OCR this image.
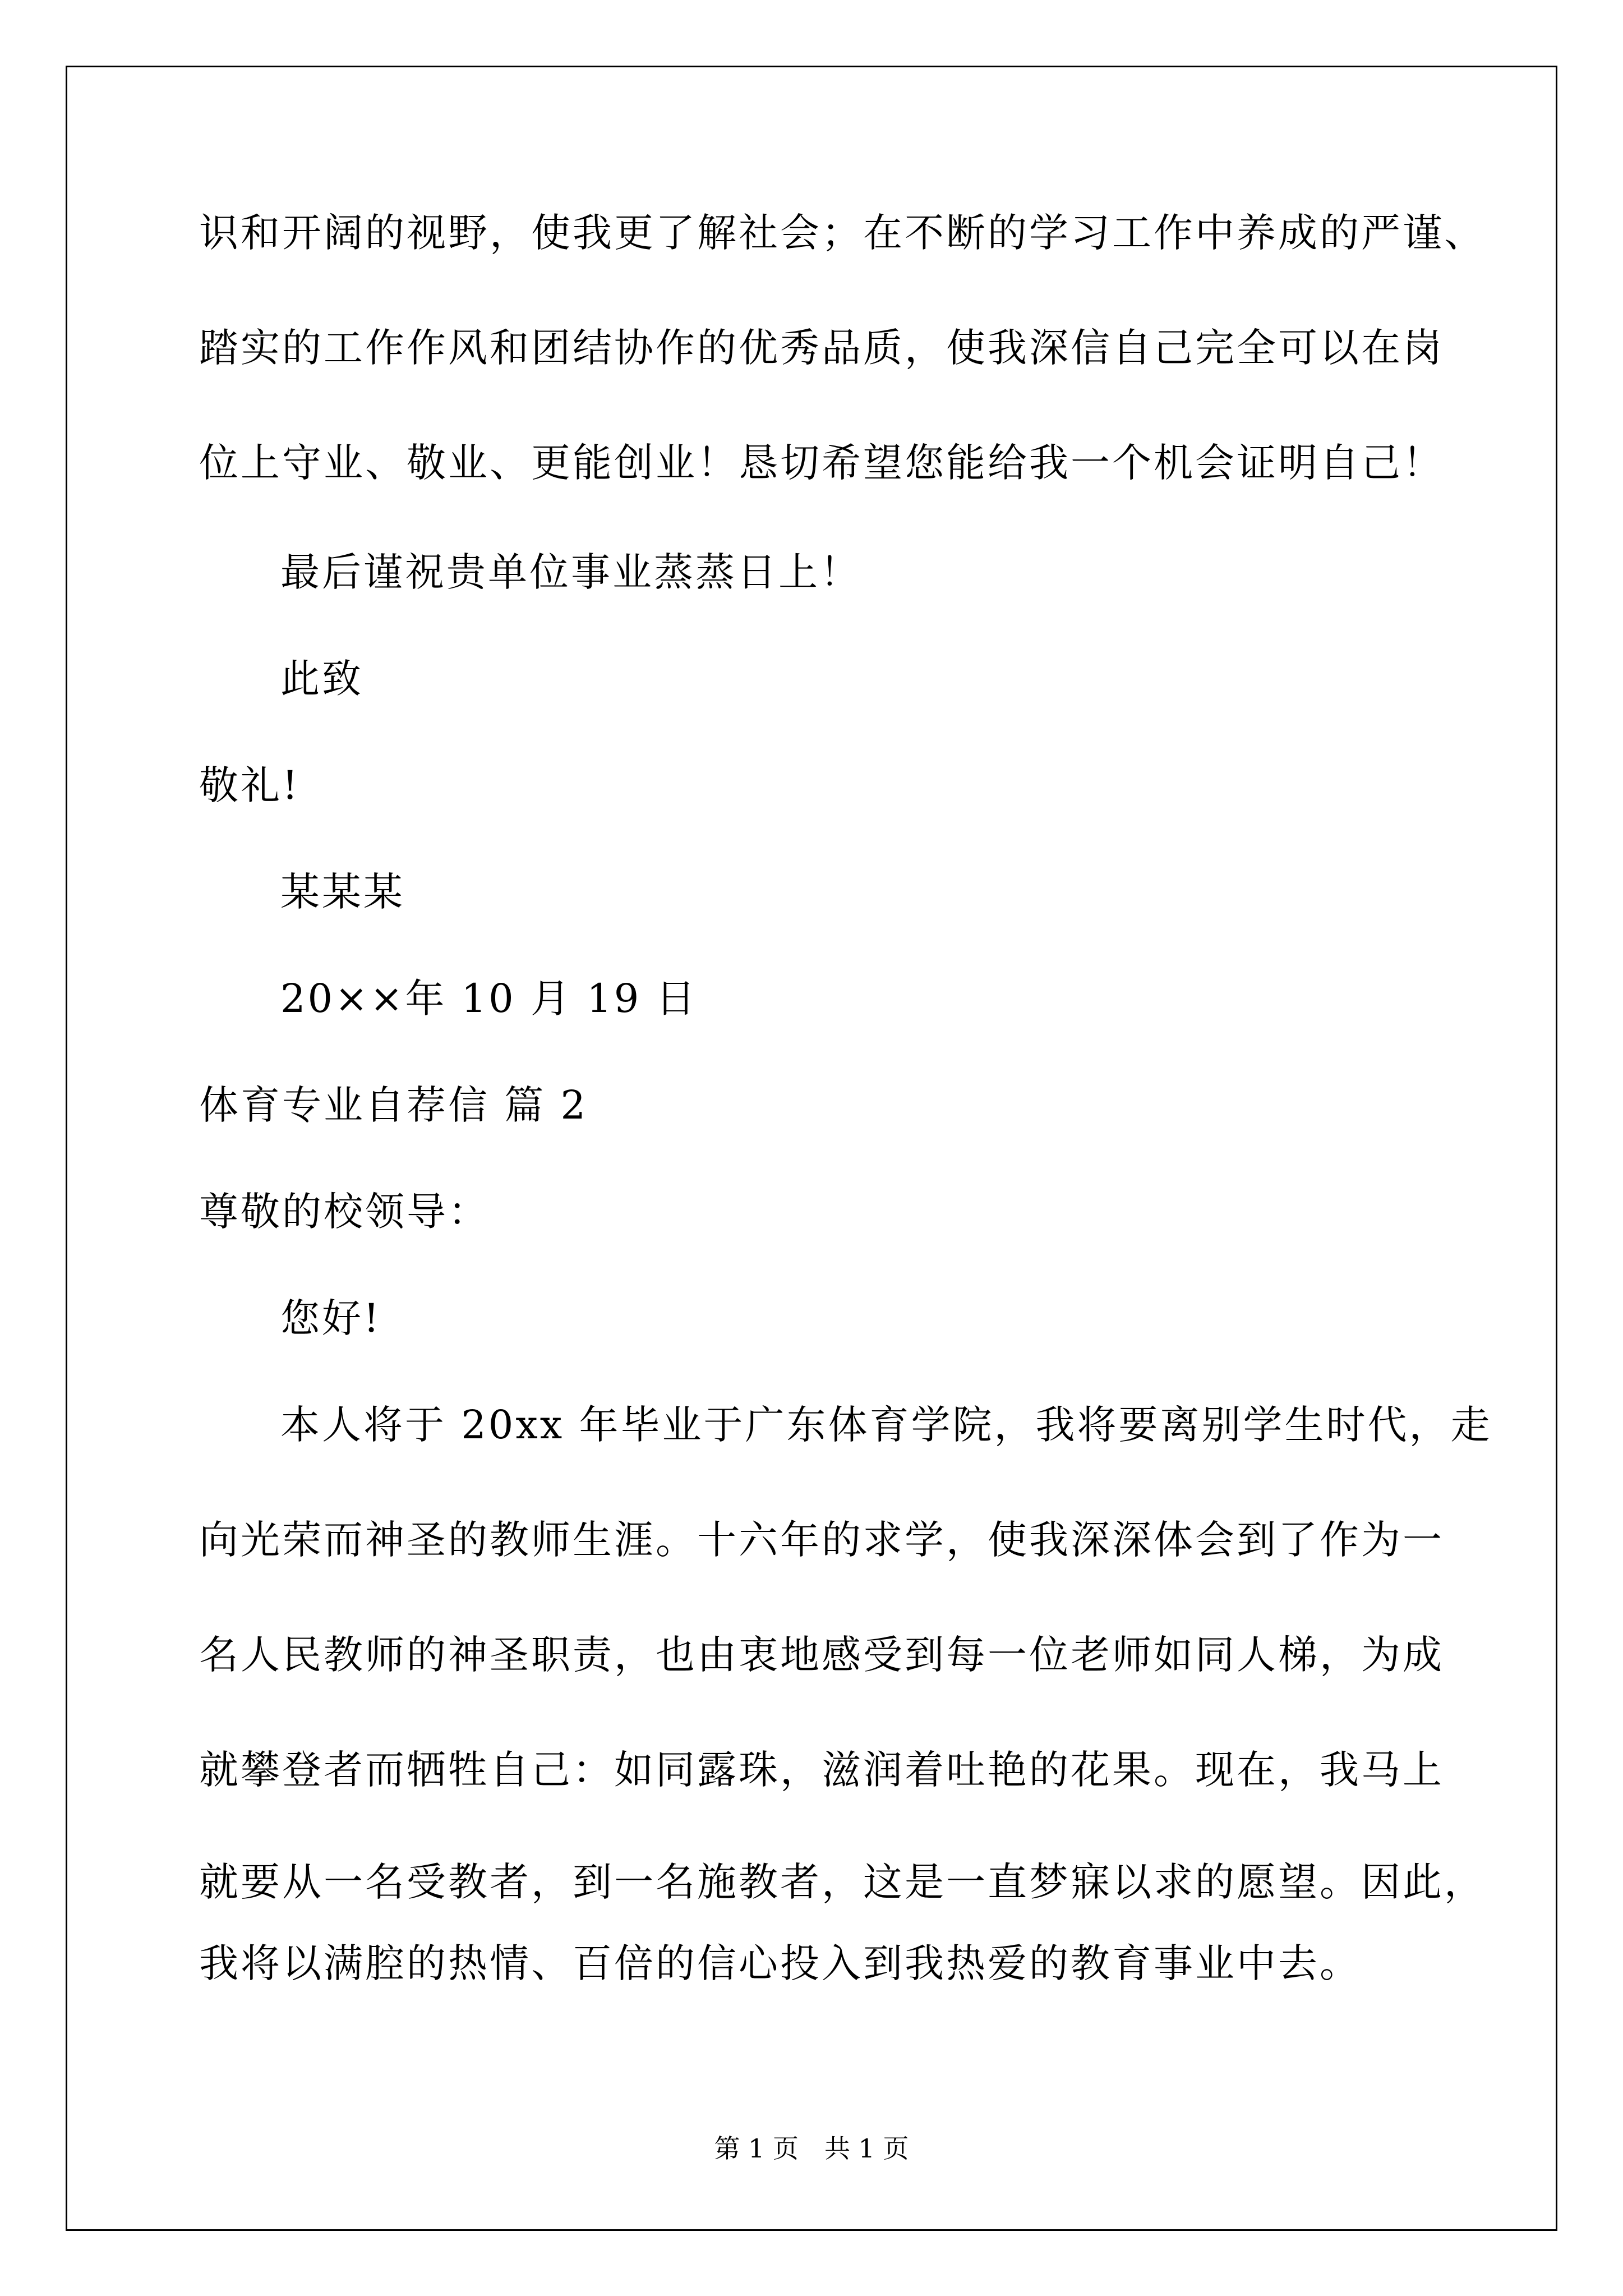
识和开阔的视野，使我更了解社会；在不断的学习工作中养成的严谨、
踏实的工作作风和团结协作的优秀品质，使我深信自己完全可以在岗
位上守业、敬业、更能创业！恳切希望您能给我一个机会证明自己！
最后谨祝贵单位事业蒸蒸日上！
此致
敬礼!
某某某
20××年 10 月 19 日
体育专业自荐信 篇 2
尊敬的校领导：
您好!
本人将于 20xx 年毕业于广东体育学院，我将要离别学生时代，走
向光荣而神圣的教师生涯。十六年的求学，使我深深体会到了作为一
名人民教师的神圣职责，也由衷地感受到每一位老师如同人梯，为成
就攀登者而牺牲自己：如同露珠，滋润着吐艳的花果。现在，我马上
就要从一名受教者，到一名施教者，这是一直梦寐以求的愿望。因此，
我将以满腔的热情、百倍的信心投入到我热爱的教育事业中去。
第 1 页　共 1 页
